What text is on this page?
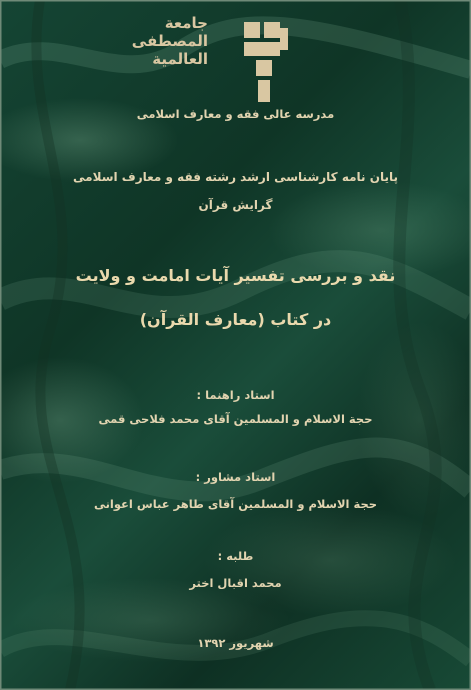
جامعة
المصطفی
العالمیة
مدرسه عالی فقه و معارف اسلامی
پایان نامه کارشناسی ارشد رشته فقه و معارف اسلامی
گرایش قرآن
نقد و بررسی تفسیر آیات امامت و ولایت
در کتاب (معارف القرآن)
استاد راهنما :
حجة الاسلام و المسلمین آقای محمد فلاحی قمی
استاد مشاور :
حجة الاسلام و المسلمین آقای طاهر عباس اعوانی
طلبه :
محمد اقبال اختر
شهریور ۱۳۹۲
